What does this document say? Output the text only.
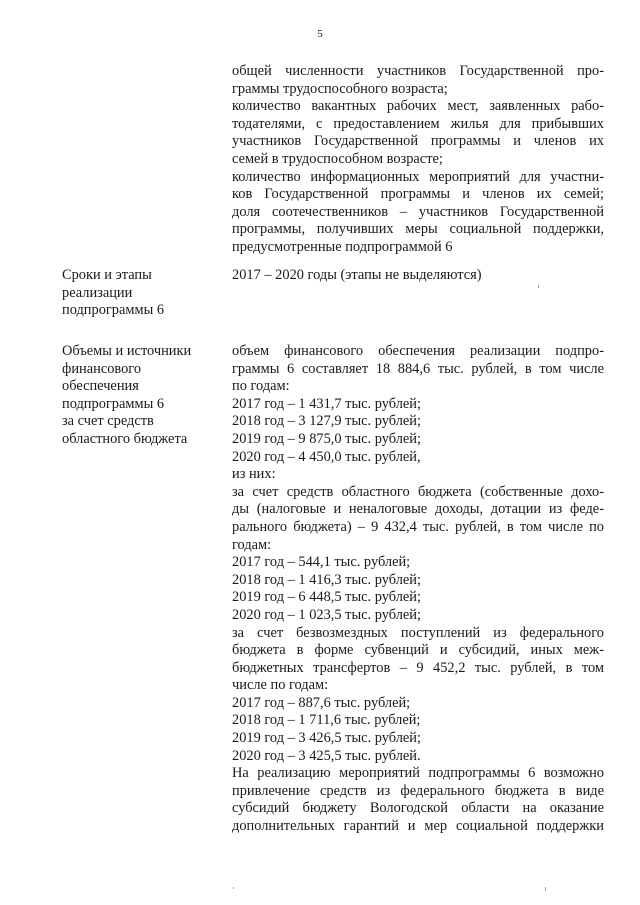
5
общей численности участников Государственной про-
граммы трудоспособного возраста;
количество вакантных рабочих мест, заявленных рабо-
тодателями, с предоставлением жилья для прибывших
участников Государственной программы и членов их
семей в трудоспособном возрасте;
количество информационных мероприятий для участни-
ков Государственной программы и членов их семей;
доля соотечественников – участников Государственной
программы, получивших меры социальной поддержки,
предусмотренные подпрограммой 6
Сроки и этапы
реализации
подпрограммы 6
2017 – 2020 годы (этапы не выделяются)
Объемы и источники
финансового
обеспечения
подпрограммы 6
за счет средств
областного бюджета
объем финансового обеспечения реализации подпро-
граммы 6 составляет 18 884,6 тыс. рублей, в том числе
по годам:
2017 год – 1 431,7 тыс. рублей;
2018 год – 3 127,9 тыс. рублей;
2019 год – 9 875,0 тыс. рублей;
2020 год – 4 450,0 тыс. рублей,
из них:
за счет средств областного бюджета (собственные дохо-
ды (налоговые и неналоговые доходы, дотации из феде-
рального бюджета) – 9 432,4 тыс. рублей, в том числе по
годам:
2017 год – 544,1 тыс. рублей;
2018 год – 1 416,3 тыс. рублей;
2019 год – 6 448,5 тыс. рублей;
2020 год – 1 023,5 тыс. рублей;
за счет безвозмездных поступлений из федерального
бюджета в форме субвенций и субсидий, иных меж-
бюджетных трансфертов – 9 452,2 тыс. рублей, в том
числе по годам:
2017 год – 887,6 тыс. рублей;
2018 год – 1 711,6 тыс. рублей;
2019 год – 3 426,5 тыс. рублей;
2020 год – 3 425,5 тыс. рублей.
На реализацию мероприятий подпрограммы 6 возможно
привлечение средств из федерального бюджета в виде
субсидий бюджету Вологодской области на оказание
дополнительных гарантий и мер социальной поддержки
